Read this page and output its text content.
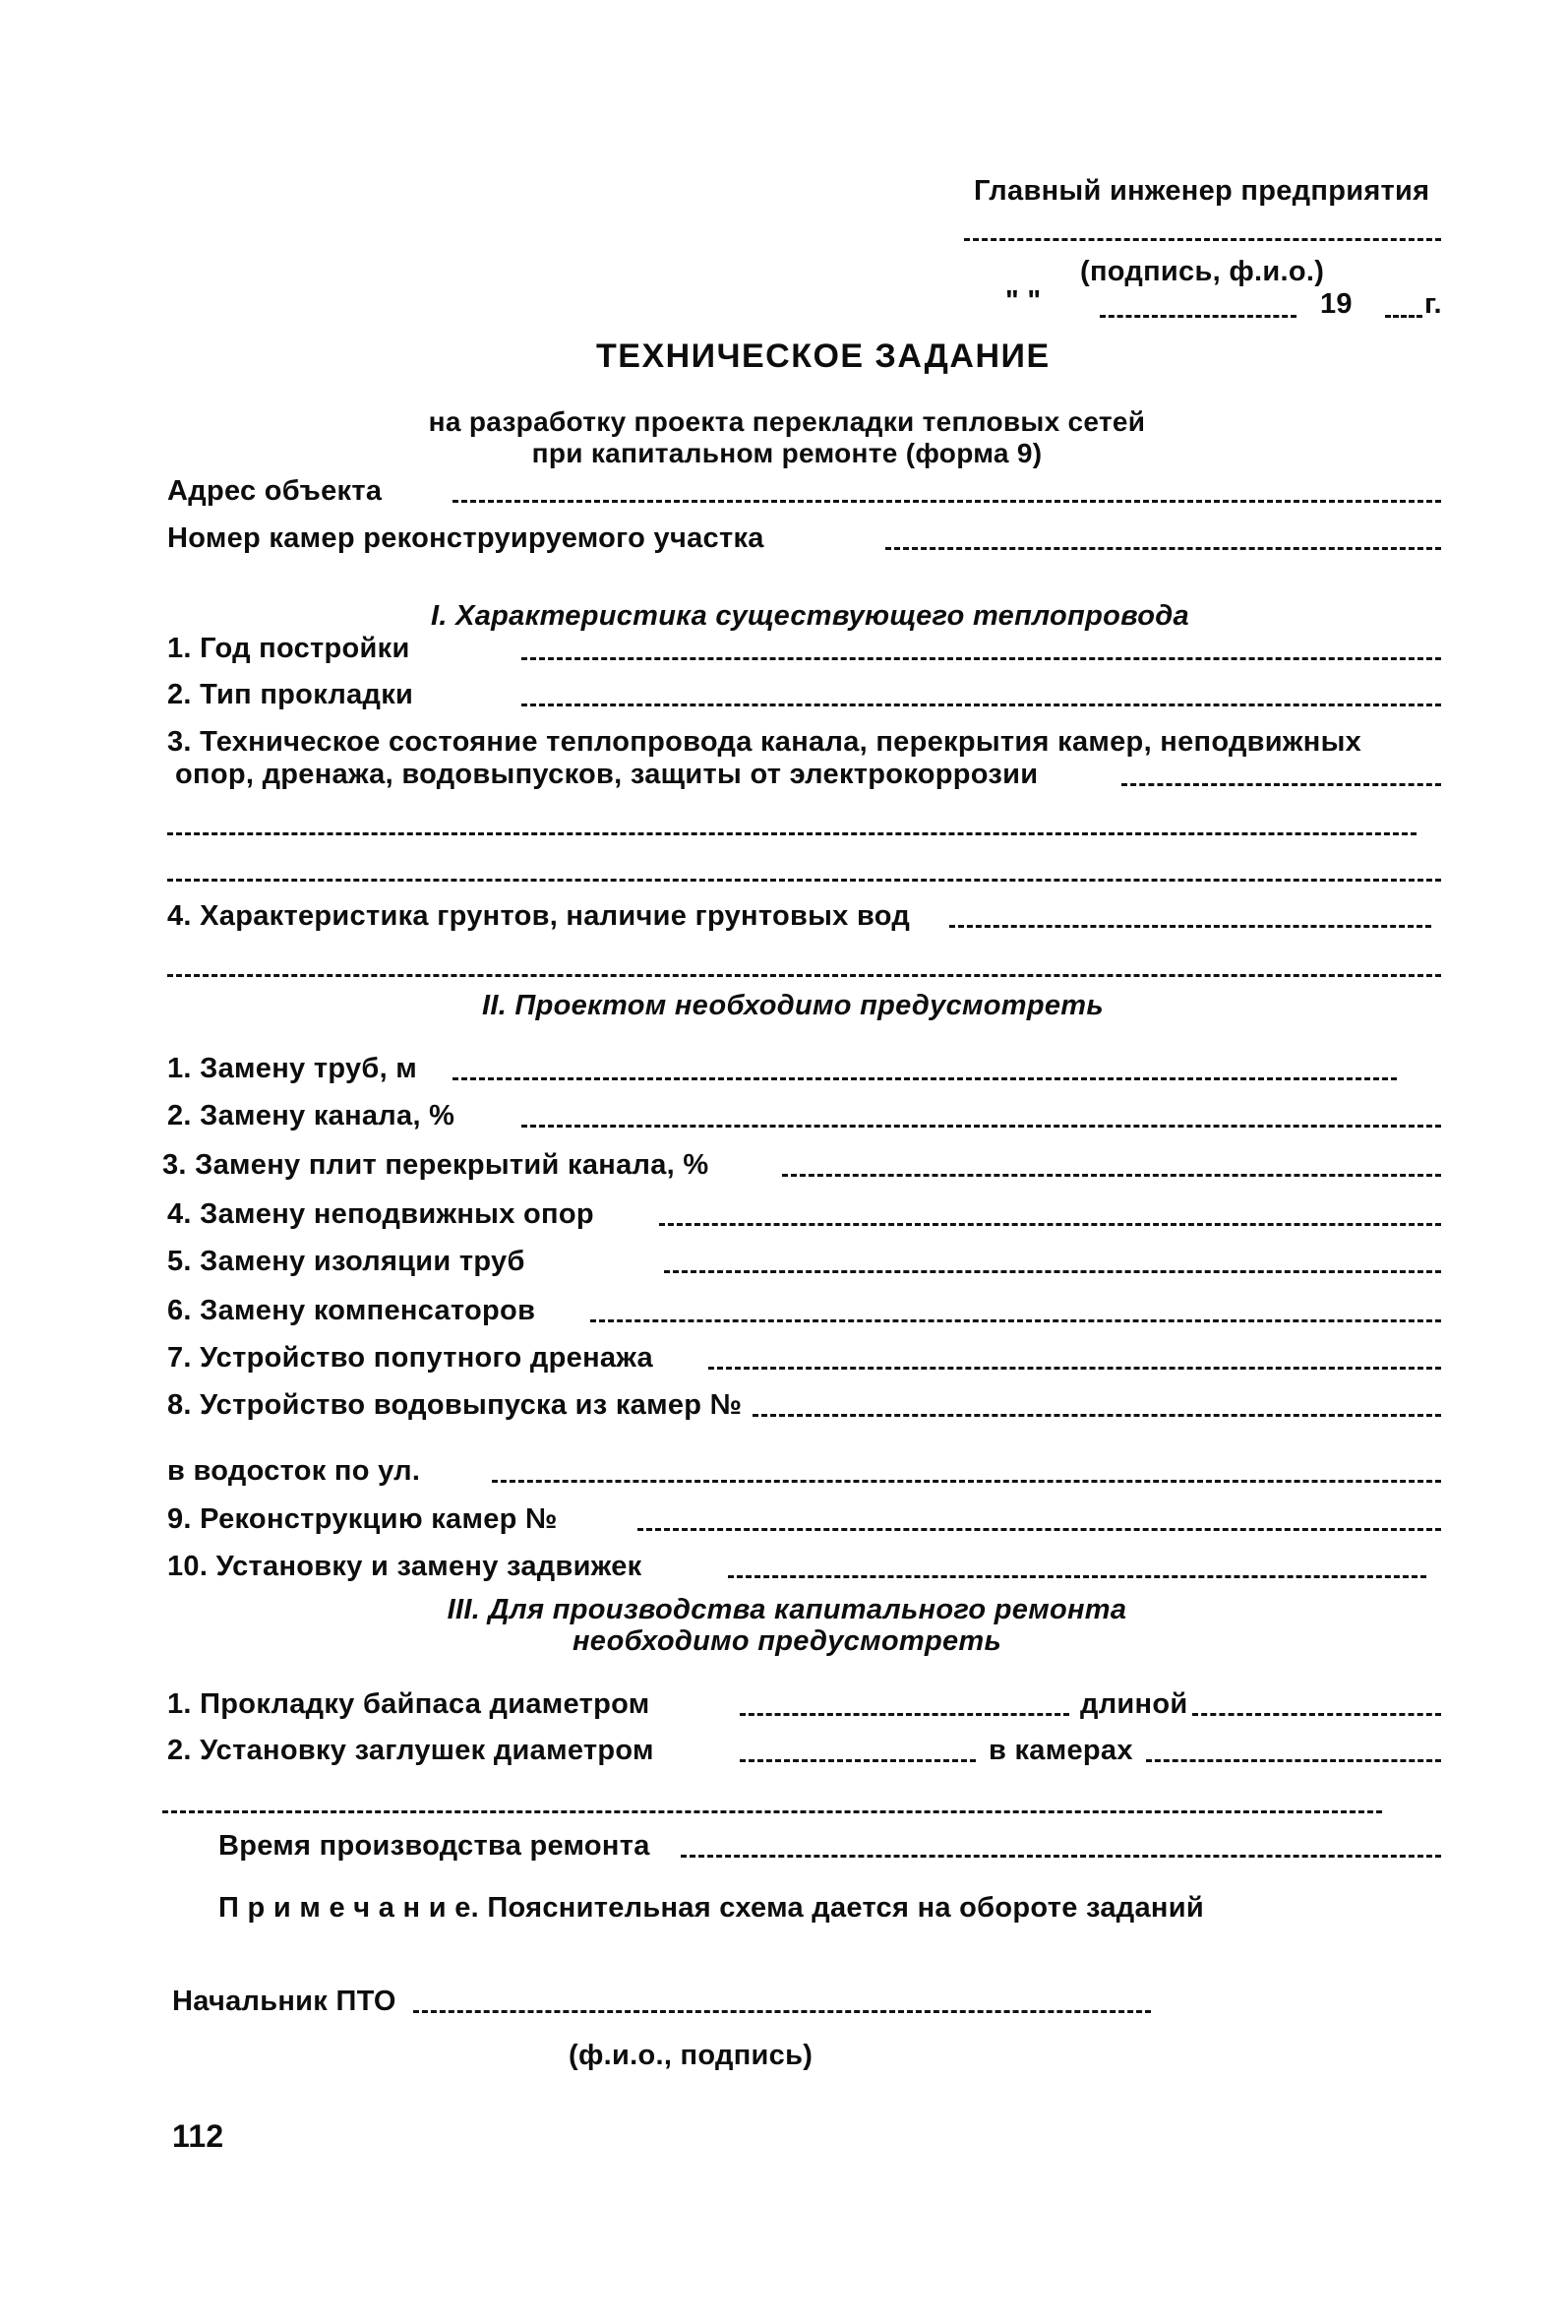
Главный инженер предприятия
(подпись, ф.и.о.)
" "	19	г.
ТЕХНИЧЕСКОЕ ЗАДАНИЕ
на разработку проекта перекладки тепловых сетей
при капитальном ремонте (форма 9)
Адрес объекта
Номер камер реконструируемого участка
I. Характеристика существующего теплопровода
1. Год постройки
2. Тип прокладки
3. Техническое состояние теплопровода канала, перекрытия камер, неподвижных
опор, дренажа, водовыпусков, защиты от электрокоррозии
4. Характеристика грунтов, наличие грунтовых вод
II. Проектом необходимо предусмотреть
1. Замену труб, м
2. Замену канала, %
3. Замену плит перекрытий канала, %
4. Замену неподвижных опор
5. Замену изоляции труб
6. Замену компенсаторов
7. Устройство попутного дренажа
8. Устройство водовыпуска из камер №
в водосток по ул.
9. Реконструкцию камер №
10. Установку и замену задвижек
III. Для производства капитального ремонта
необходимо предусмотреть
1. Прокладку байпаса диаметром	длиной
2. Установку заглушек диаметром	в камерах
Время производства ремонта
П р и м е ч а н и е. Пояснительная схема дается на обороте заданий
Начальник ПТО
(ф.и.о., подпись)
112
